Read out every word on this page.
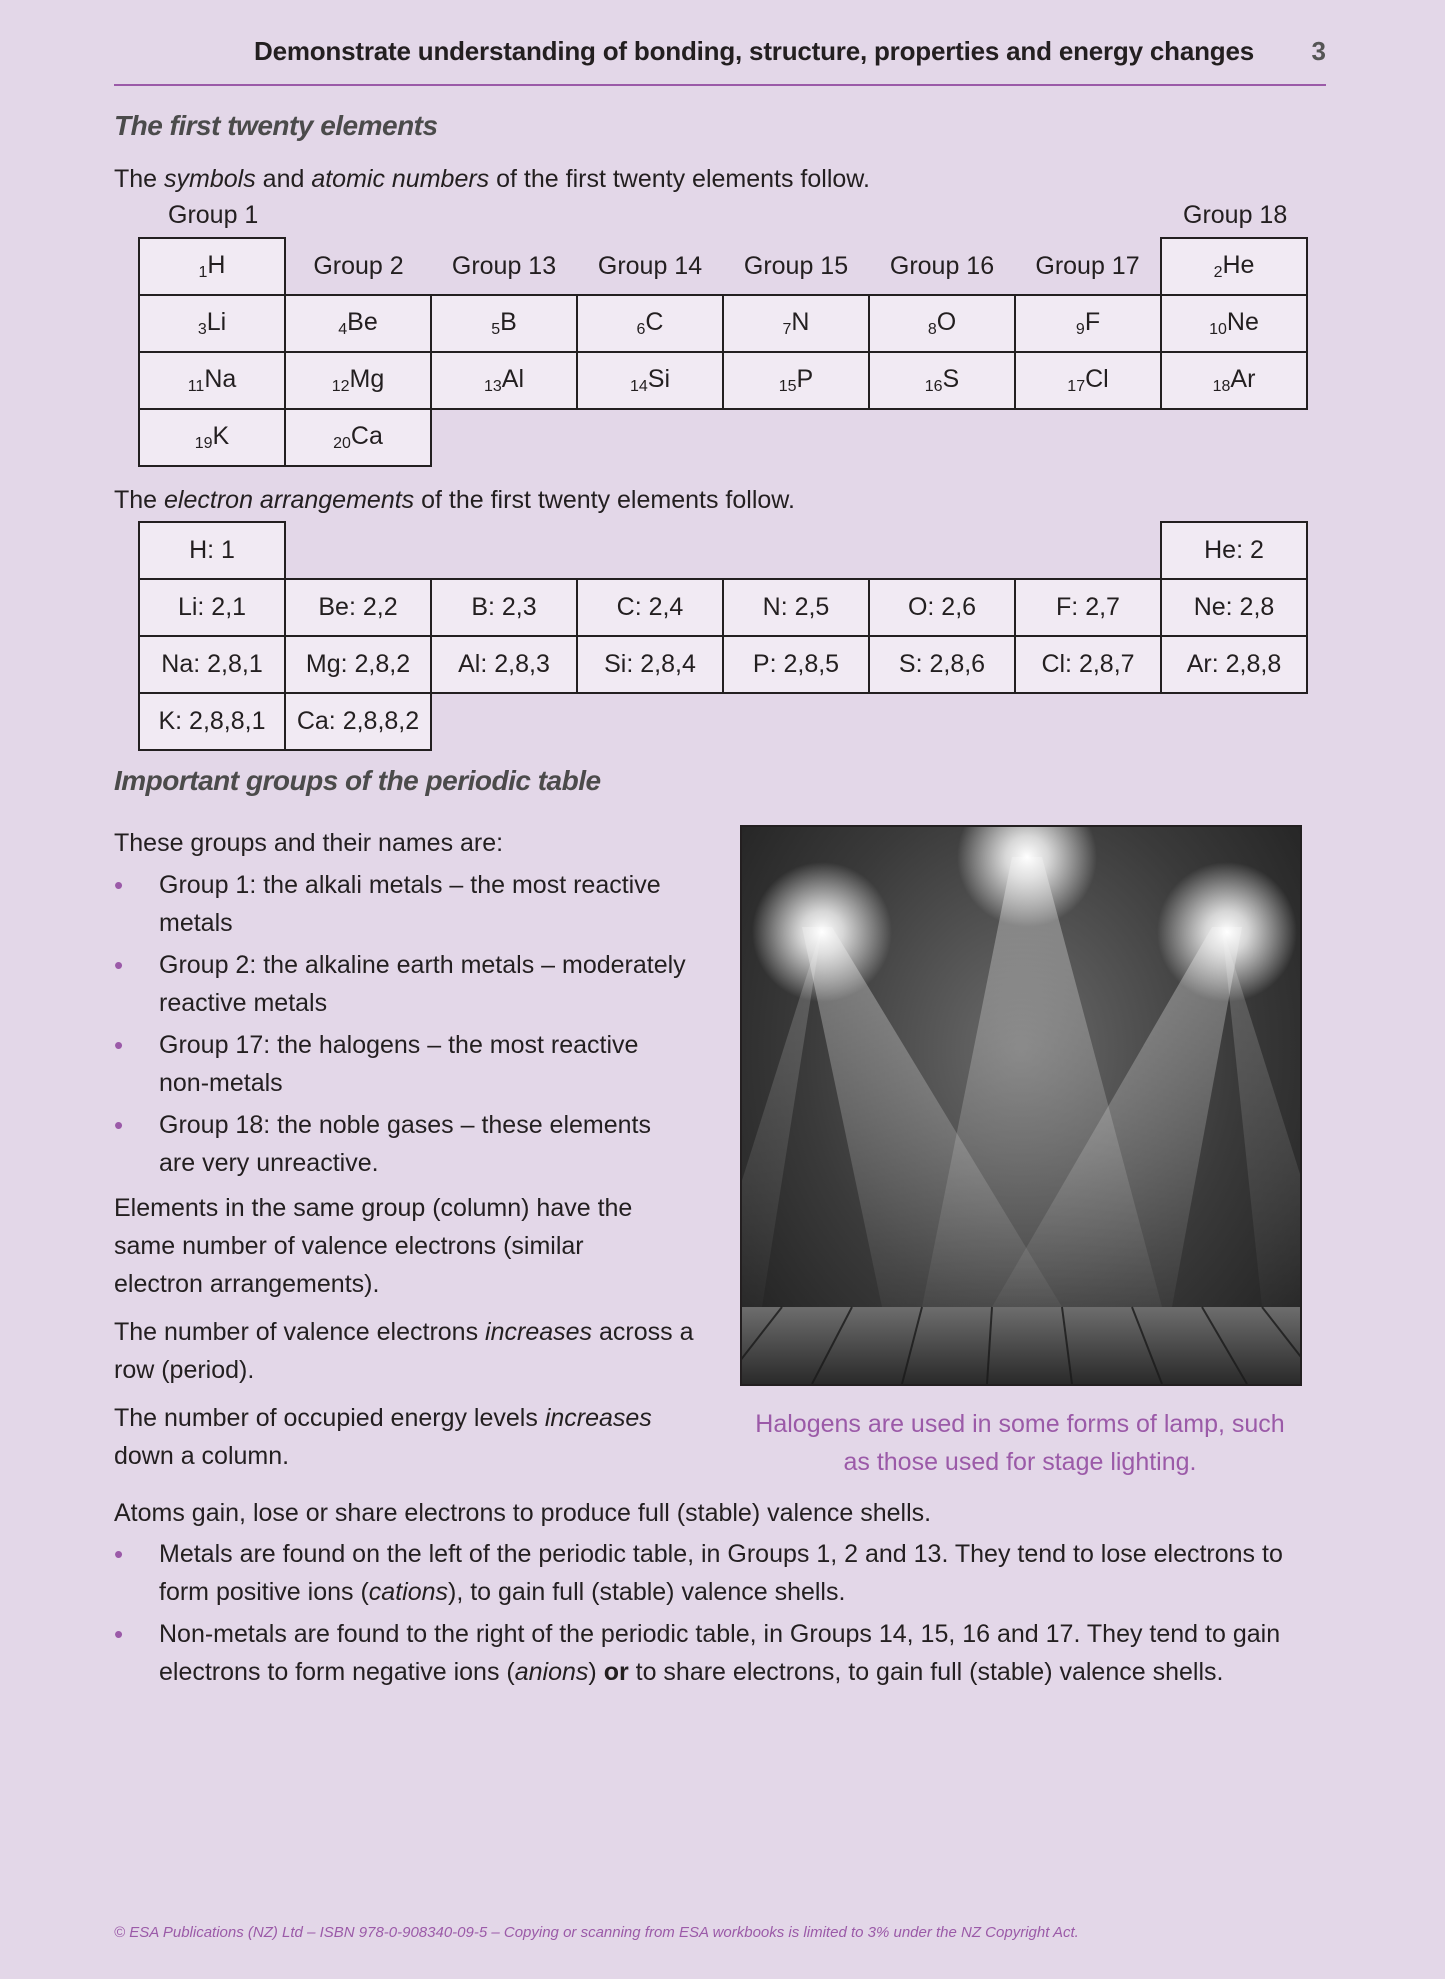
Demonstrate understanding of bonding, structure, properties and energy changes 3
The first twenty elements

The symbols and atomic numbers of the first twenty elements follow.

Group 1	Group 18
$_1$H	Group 2	Group 13	Group 14	Group 15	Group 16	Group 17	$_2$He
$_3$Li	$_4$Be	$_5$B	$_6$C	$_7$N	$_8$O	$_9$F	$_{10}$Ne
$_{11}$Na	$_{12}$Mg	$_{13}$Al	$_{14}$Si	$_{15}$P	$_{16}$S	$_{17}$Cl	$_{18}$Ar
$_{19}$K	$_{20}$Ca						

The electron arrangements of the first twenty elements follow.

H: 1							He: 2
Li: 2,1	Be: 2,2	B: 2,3	C: 2,4	N: 2,5	O: 2,6	F: 2,7	Ne: 2,8
Na: 2,8,1	Mg: 2,8,2	Al: 2,8,3	Si: 2,8,4	P: 2,8,5	S: 2,8,6	Cl: 2,8,7	Ar: 2,8,8
K: 2,8,8,1	Ca: 2,8,8,2						
Important groups of the periodic table

These groups and their names are:

• Group 1: the alkali metals – the most reactive metals
• Group 2: the alkaline earth metals – moderately reactive metals
• Group 17: the halogens – the most reactive non-metals
• Group 18: the noble gases – these elements are very unreactive.

Elements in the same group (column) have the same number of valence electrons (similar electron arrangements).

The number of valence electrons increases across a row (period).

The number of occupied energy levels increases down a column.

Halogens are used in some forms of lamp, such as those used for stage lighting.

Atoms gain, lose or share electrons to produce full (stable) valence shells.

• Metals are found on the left of the periodic table, in Groups 1, 2 and 13. They tend to lose electrons to form positive ions (cations), to gain full (stable) valence shells.
• Non-metals are found to the right of the periodic table, in Groups 14, 15, 16 and 17. They tend to gain electrons to form negative ions (anions) or to share electrons, to gain full (stable) valence shells.
© ESA Publications (NZ) Ltd – ISBN 978-0-908340-09-5 – Copying or scanning from ESA workbooks is limited to 3% under the NZ Copyright Act.
